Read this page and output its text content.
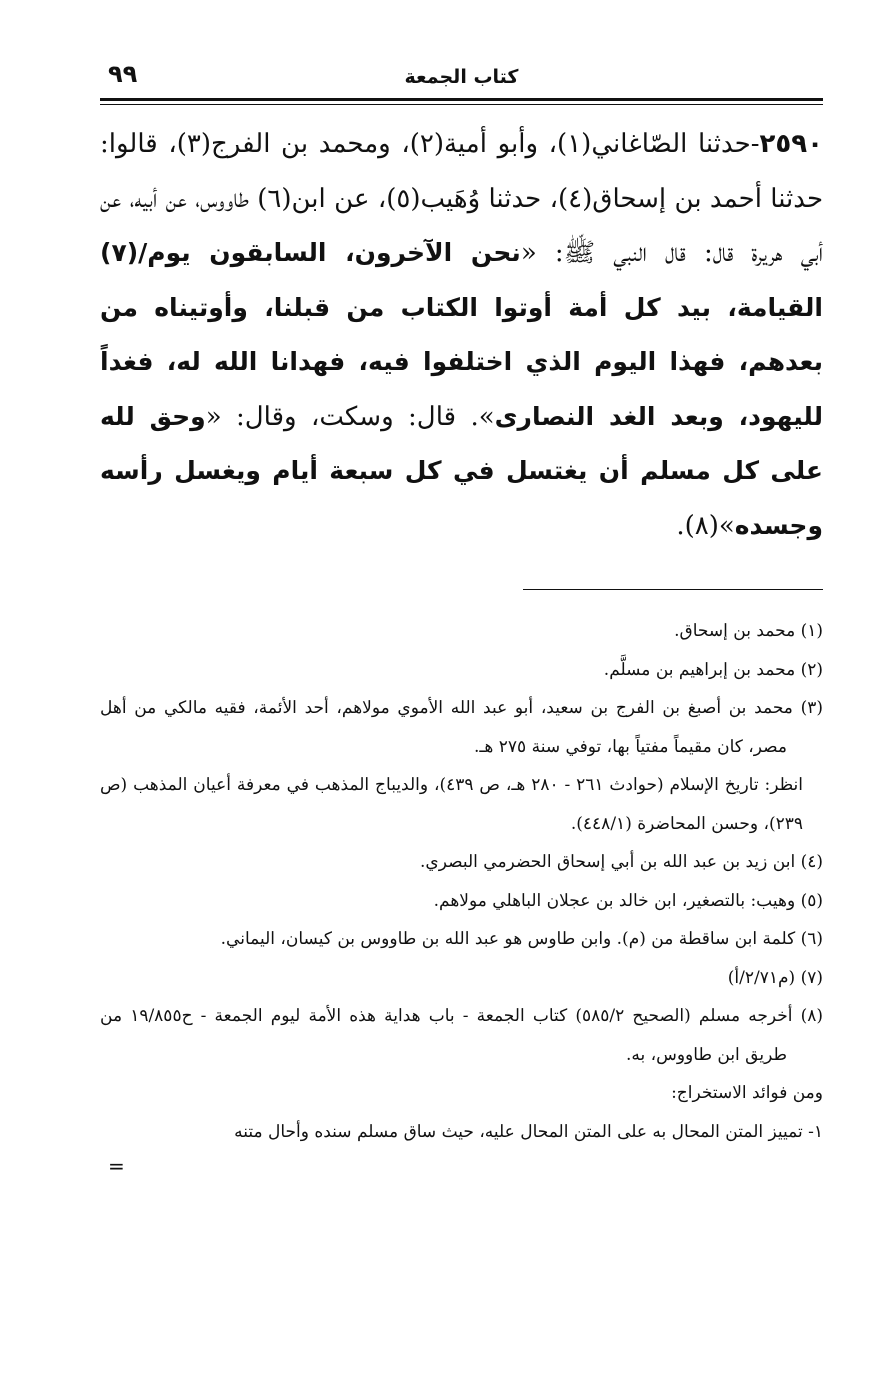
كتاب الجمعة
٩٩
٢٥٩٠-حدثنا الصّاغاني(١)، وأبو أمية(٢)، ومحمد بن الفرج(٣)، قالوا: حدثنا أحمد بن إسحاق(٤)، حدثنا وُهَيب(٥)، عن ابن(٦) طاووس، عن أبيه، عن أبي هريرة قال: قال النبي ﷺ: «نحن الآخرون، السابقون يوم/(٧) القيامة، بيد كل أمة أوتوا الكتاب من قبلنا، وأوتيناه من بعدهم، فهذا اليوم الذي اختلفوا فيه، فهدانا الله له، فغداً لليهود، وبعد الغد النصارى». قال: وسكت، وقال: «وحق لله على كل مسلم أن يغتسل في كل سبعة أيام ويغسل رأسه وجسده»(٨).
(١) محمد بن إسحاق.
(٢) محمد بن إبراهيم بن مسلَّم.
(٣) محمد بن أصبغ بن الفرج بن سعيد، أبو عبد الله الأموي مولاهم، أحد الأئمة، فقيه مالكي من أهل مصر، كان مقيماً مفتياً بها، توفي سنة ٢٧٥ هـ.
انظر: تاريخ الإسلام (حوادث ٢٦١ - ٢٨٠ هـ، ص ٤٣٩)، والديباج المذهب في معرفة أعيان المذهب (ص ٢٣٩)، وحسن المحاضرة (٤٤٨/١).
(٤) ابن زيد بن عبد الله بن أبي إسحاق الحضرمي البصري.
(٥) وهيب: بالتصغير، ابن خالد بن عجلان الباهلي مولاهم.
(٦) كلمة ابن ساقطة من (م). وابن طاوس هو عبد الله بن طاووس بن كيسان، اليماني.
(٧) (م٢/٧١/أ)
(٨) أخرجه مسلم (الصحيح ٥٨٥/٢) كتاب الجمعة - باب هداية هذه الأمة ليوم الجمعة - ح١٩/٨٥٥ من طريق ابن طاووس، به.
ومن فوائد الاستخراج:
١- تمييز المتن المحال به على المتن المحال عليه، حيث ساق مسلم سنده وأحال متنه
=
